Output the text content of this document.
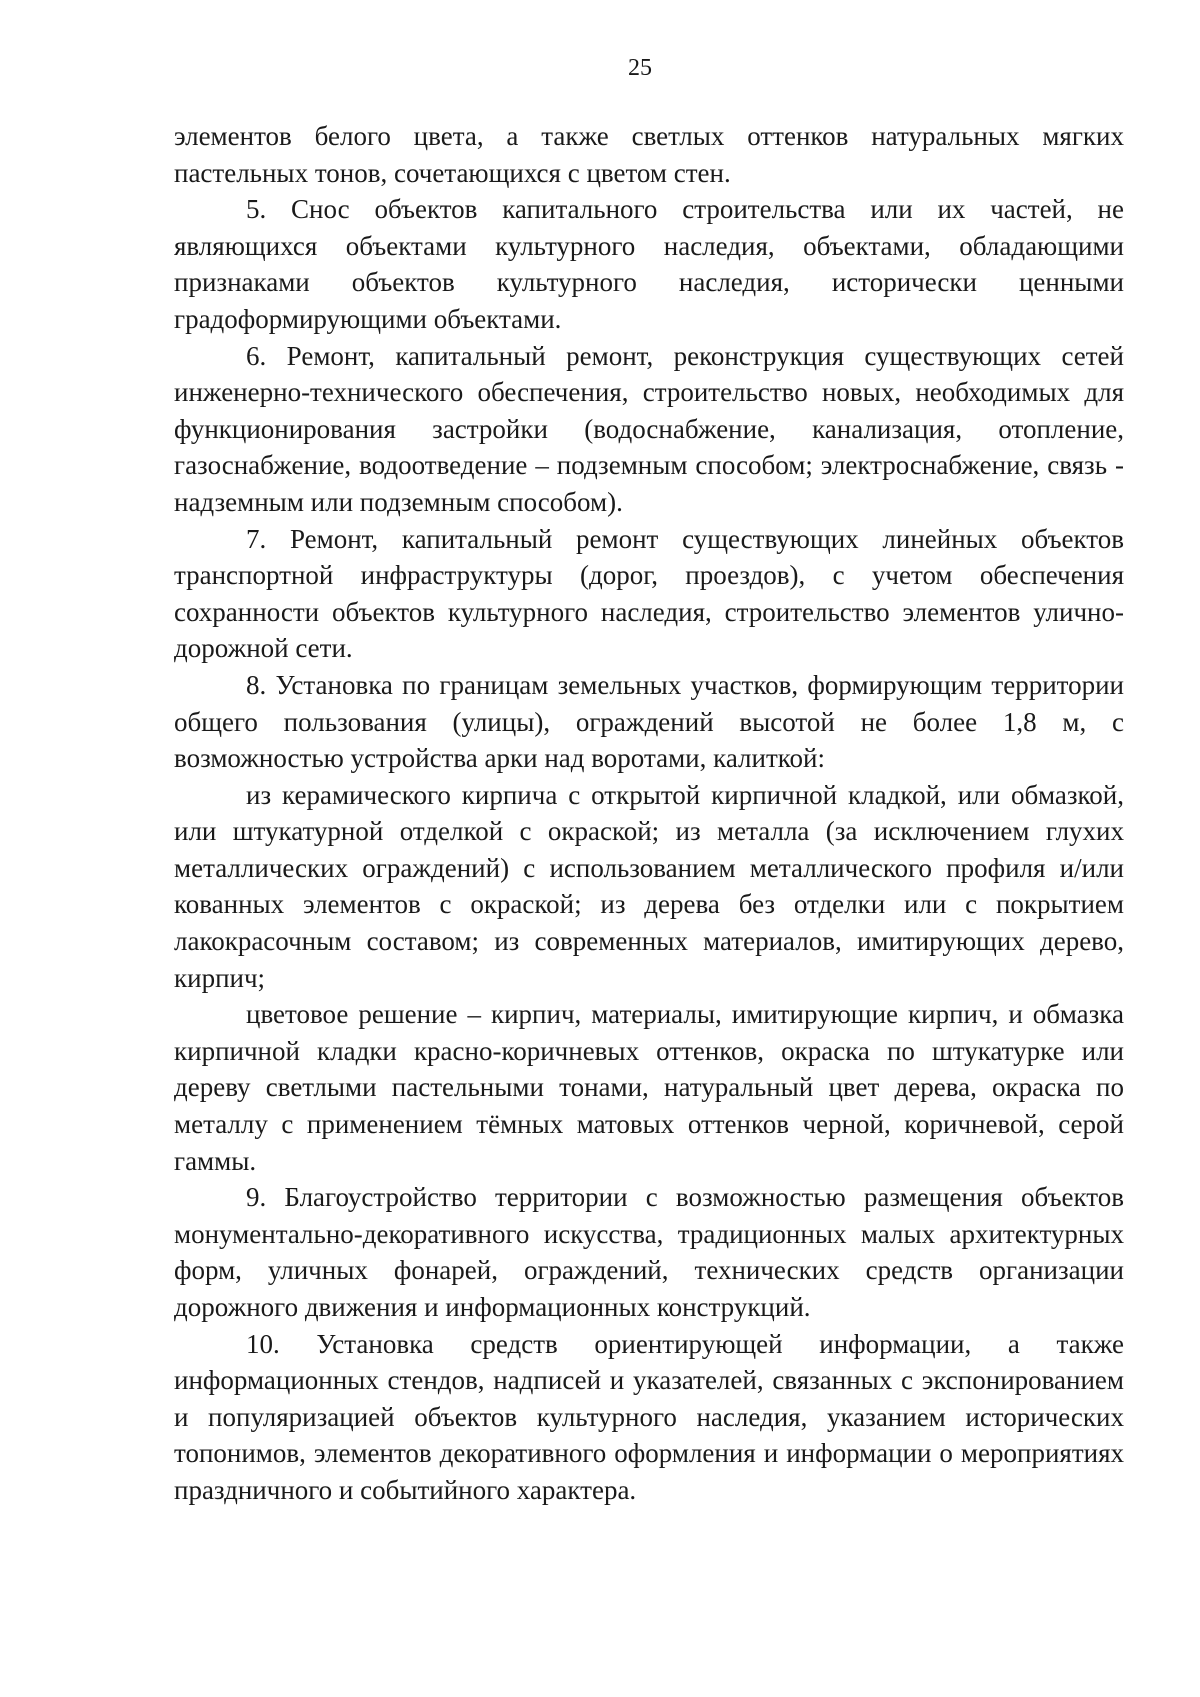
25

элементов белого цвета, а также светлых оттенков натуральных мягких пастельных тонов, сочетающихся с цветом стен.

5. Снос объектов капитального строительства или их частей, не являющихся объектами культурного наследия, объектами, обладающими признаками объектов культурного наследия, исторически ценными градоформирующими объектами.

6. Ремонт, капитальный ремонт, реконструкция существующих сетей инженерно-технического обеспечения, строительство новых, необходимых для функционирования застройки (водоснабжение, канализация, отопление, газоснабжение, водоотведение – подземным способом; электроснабжение, связь - надземным или подземным способом).

7. Ремонт, капитальный ремонт существующих линейных объектов транспортной инфраструктуры (дорог, проездов), с учетом обеспечения сохранности объектов культурного наследия, строительство элементов улично-дорожной сети.

8. Установка по границам земельных участков, формирующим территории общего пользования (улицы), ограждений высотой не более 1,8 м, с возможностью устройства арки над воротами, калиткой:

из керамического кирпича с открытой кирпичной кладкой, или обмазкой, или штукатурной отделкой с окраской; из металла (за исключением глухих металлических ограждений) с использованием металлического профиля и/или кованных элементов с окраской; из дерева без отделки или с покрытием лакокрасочным составом; из современных материалов, имитирующих дерево, кирпич;

цветовое решение – кирпич, материалы, имитирующие кирпич, и обмазка кирпичной кладки красно-коричневых оттенков, окраска по штукатурке или дереву светлыми пастельными тонами, натуральный цвет дерева, окраска по металлу с применением тёмных матовых оттенков черной, коричневой, серой гаммы.

9. Благоустройство территории с возможностью размещения объектов монументально-декоративного искусства, традиционных малых архитектурных форм, уличных фонарей, ограждений, технических средств организации дорожного движения и информационных конструкций.

10. Установка средств ориентирующей информации, а также информационных стендов, надписей и указателей, связанных с экспонированием и популяризацией объектов культурного наследия, указанием исторических топонимов, элементов декоративного оформления и информации о мероприятиях праздничного и событийного характера.
